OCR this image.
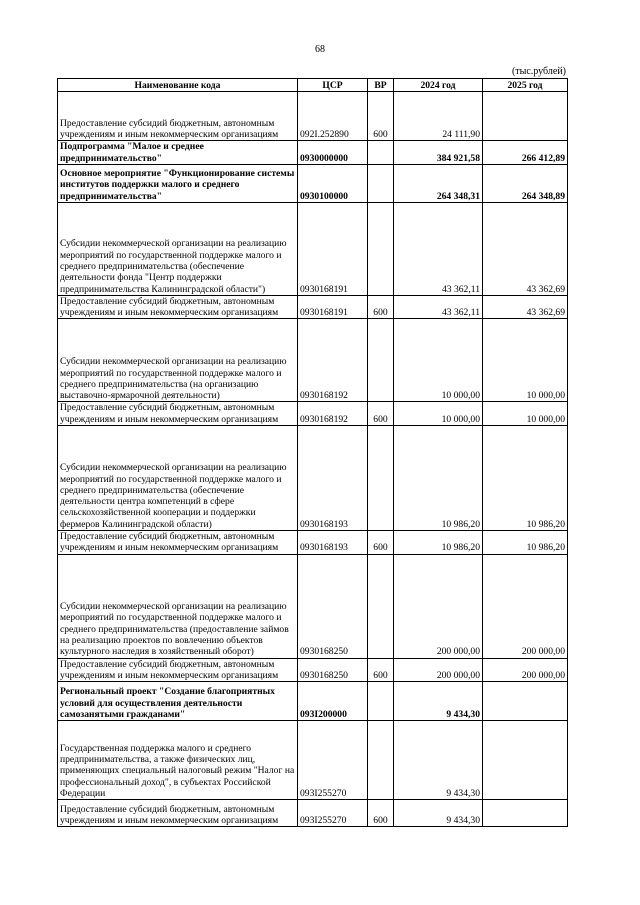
68
(тыс.рублей)
Наименование кода	ЦСР	ВР	2024 год	2025 год
Предоставление субсидий бюджетным, автономным учреждениям и иным некоммерческим организациям	092I.252890	600	24 111,90	
Подпрограмма "Малое и среднее предпринимательство"	0930000000		384 921,58	266 412,89
Основное мероприятие "Функционирование системы институтов поддержки малого и среднего предпринимательства"	0930100000		264 348,31	264 348,89
Субсидии некоммерческой организации на реализацию мероприятий по государственной поддержке малого и среднего предпринимательства (обеспечение деятельности фонда "Центр поддержки предпринимательства Калининградской области")	0930168191		43 362,11	43 362,69
Предоставление субсидий бюджетным, автономным учреждениям и иным некоммерческим организациям	0930168191	600	43 362,11	43 362,69
Субсидии некоммерческой организации на реализацию мероприятий по государственной поддержке малого и среднего предпринимательства (на организацию выставочно-ярмарочной деятельности)	0930168192		10 000,00	10 000,00
Предоставление субсидий бюджетным, автономным учреждениям и иным некоммерческим организациям	0930168192	600	10 000,00	10 000,00
Субсидии некоммерческой организации на реализацию мероприятий по государственной поддержке малого и среднего предпринимательства (обеспечение деятельности центра компетенций в сфере сельскохозяйственной кооперации и поддержки фермеров Калининградской области)	0930168193		10 986,20	10 986,20
Предоставление субсидий бюджетным, автономным учреждениям и иным некоммерческим организациям	0930168193	600	10 986,20	10 986,20
Субсидии некоммерческой организации на реализацию мероприятий по государственной поддержке малого и среднего предпринимательства (предоставление займов на реализацию проектов по вовлечению объектов культурного наследия в хозяйственный оборот)	0930168250		200 000,00	200 000,00
Предоставление субсидий бюджетным, автономным учреждениям и иным некоммерческим организациям	0930168250	600	200 000,00	200 000,00
Региональный проект "Создание благоприятных условий для осуществления деятельности самозанятыми гражданами"	093I200000		9 434,30	
Государственная поддержка малого и среднего предпринимательства, а также физических лиц, применяющих специальный налоговый режим "Налог на профессиональный доход", в субъектах Российской Федерации	093I255270		9 434,30	
Предоставление субсидий бюджетным, автономным учреждениям и иным некоммерческим организациям	093I255270	600	9 434,30	
